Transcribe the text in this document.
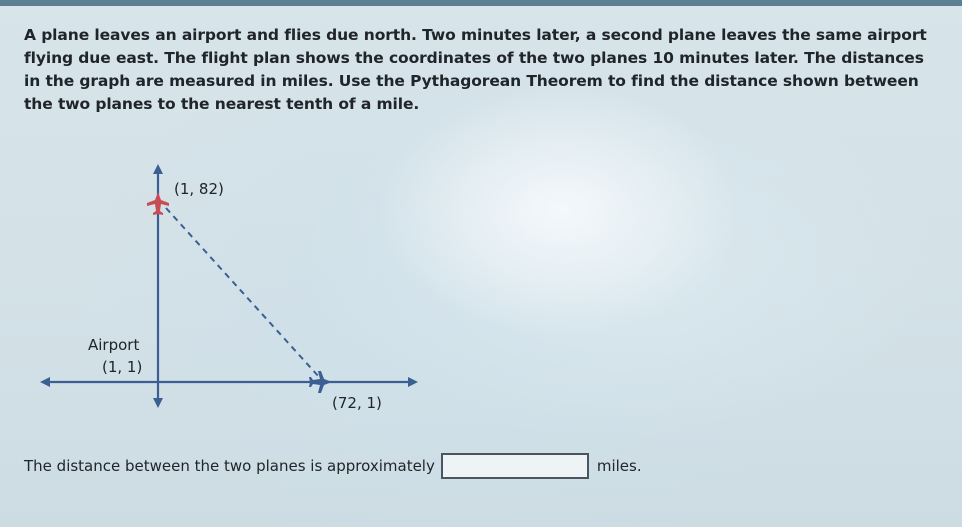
A plane leaves an airport and flies due north. Two minutes later, a second plane leaves the same airport flying due east. The flight plan shows the coordinates of the two planes 10 minutes later. The distances in the graph are measured in miles. Use the Pythagorean Theorem to find the distance shown between the two planes to the nearest tenth of a mile.
(1, 82)
Airport
(1, 1)
(72, 1)
The distance between the two planes is approximately	miles.
